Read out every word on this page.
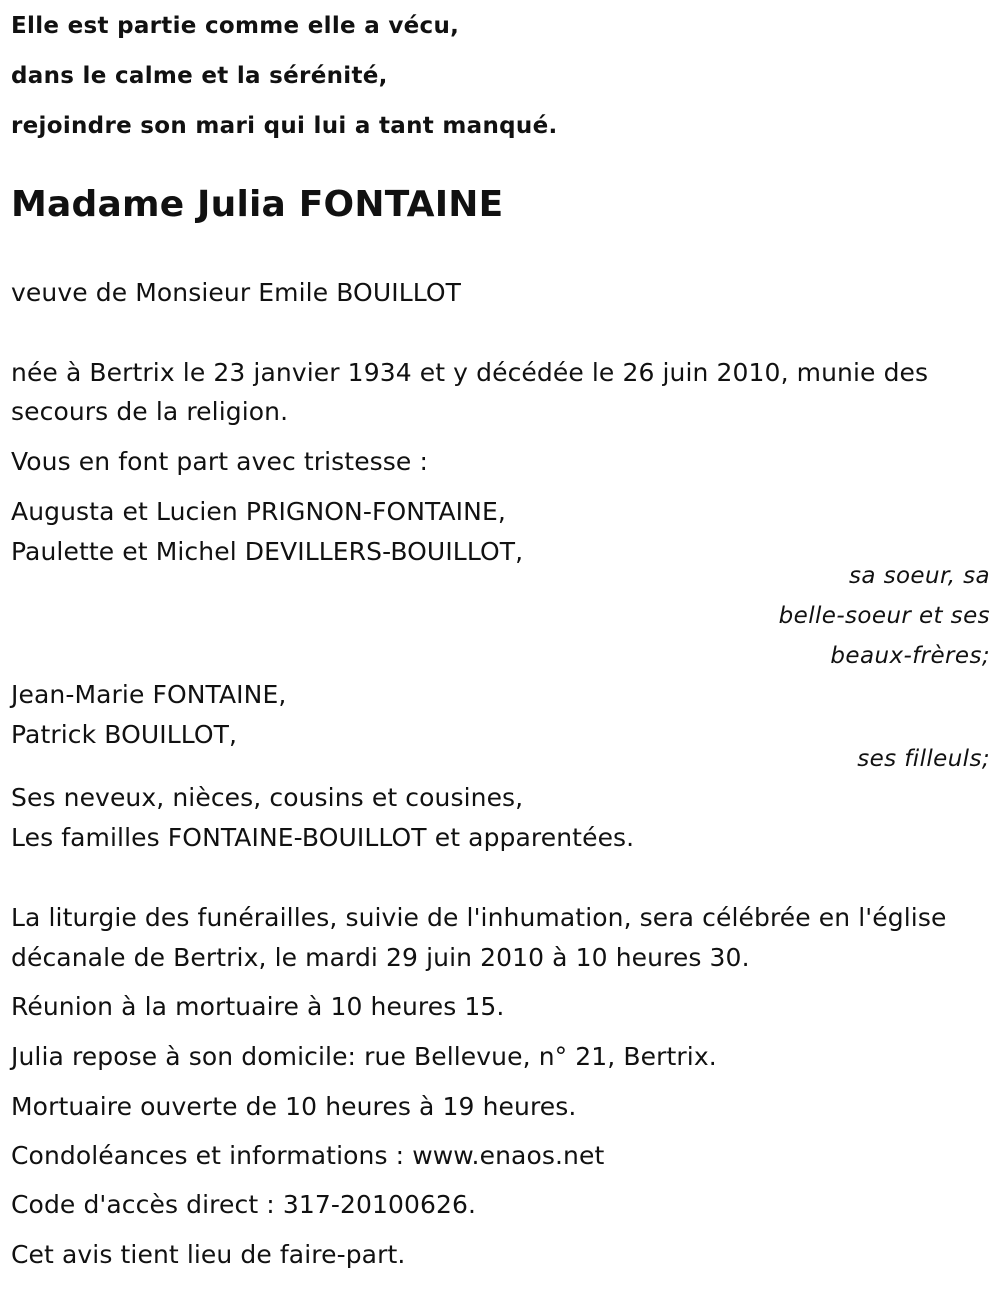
Elle est partie comme elle a vécu,
dans le calme et la sérénité,
rejoindre son mari qui lui a tant manqué.
Madame Julia FONTAINE
veuve de Monsieur Emile BOUILLOT
née à Bertrix le 23 janvier 1934 et y décédée le 26 juin 2010, munie des
secours de la religion.
Vous en font part avec tristesse :
Augusta et Lucien PRIGNON-FONTAINE,
Paulette et Michel DEVILLERS-BOUILLOT,
sa soeur, sa
belle-soeur et ses
beaux-frères;
Jean-Marie FONTAINE,
Patrick BOUILLOT,
ses filleuls;
Ses neveux, nièces, cousins et cousines,
Les familles FONTAINE-BOUILLOT et apparentées.
La liturgie des funérailles, suivie de l'inhumation, sera célébrée en l'église
décanale de Bertrix, le mardi 29 juin 2010 à 10 heures 30.
Réunion à la mortuaire à 10 heures 15.
Julia repose à son domicile: rue Bellevue, n° 21, Bertrix.
Mortuaire ouverte de 10 heures à 19 heures.
Condoléances et informations : www.enaos.net
Code d'accès direct : 317-20100626.
Cet avis tient lieu de faire-part.
